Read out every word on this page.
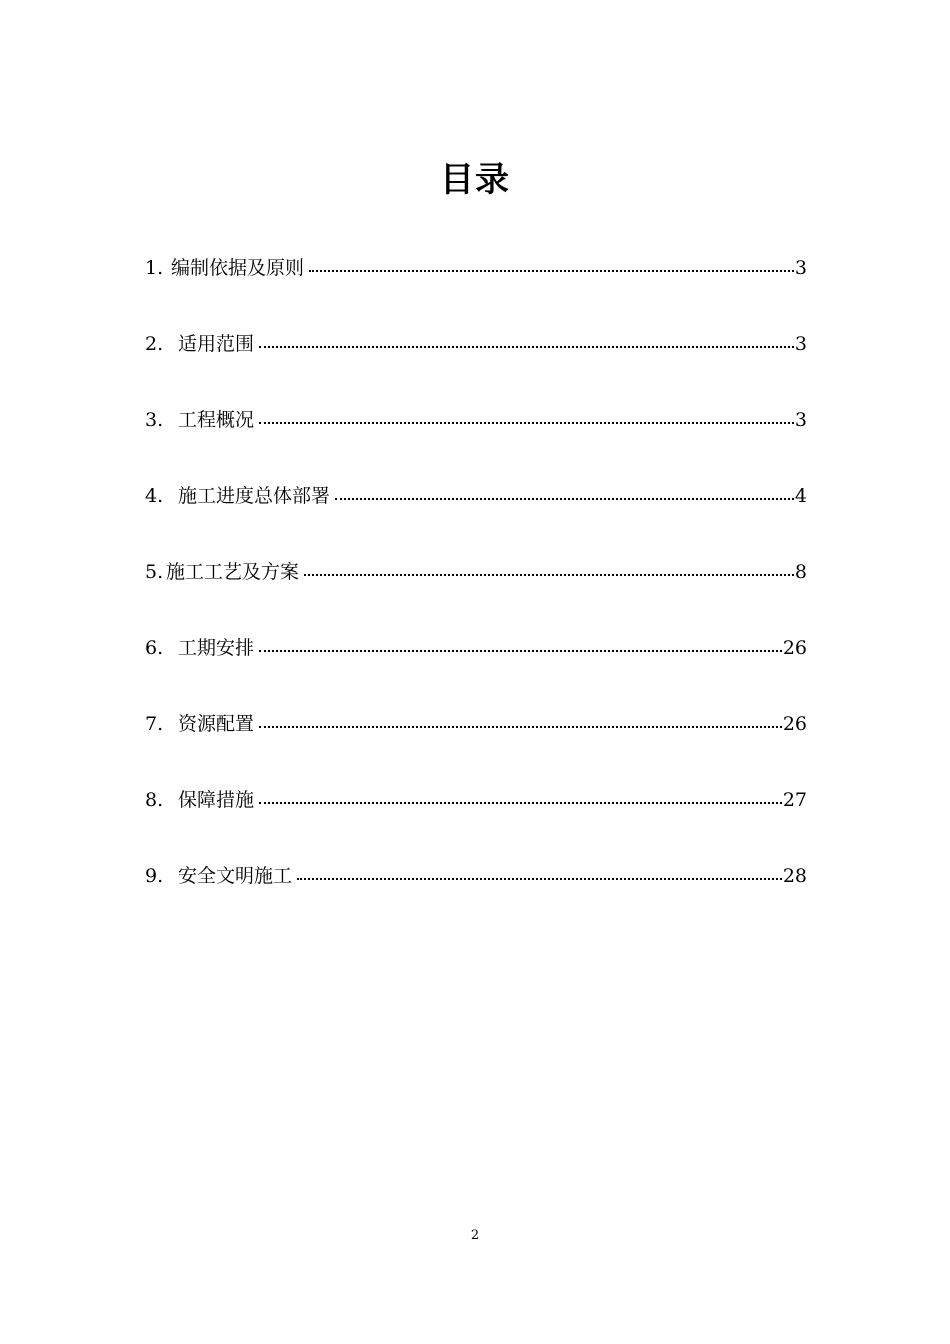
目录
1. 编制依据及原则	3
2. 适用范围	3
3. 工程概况	3
4. 施工进度总体部署	4
5. 施工工艺及方案	8
6. 工期安排	26
7. 资源配置	26
8. 保障措施	27
9. 安全文明施工	28
2
